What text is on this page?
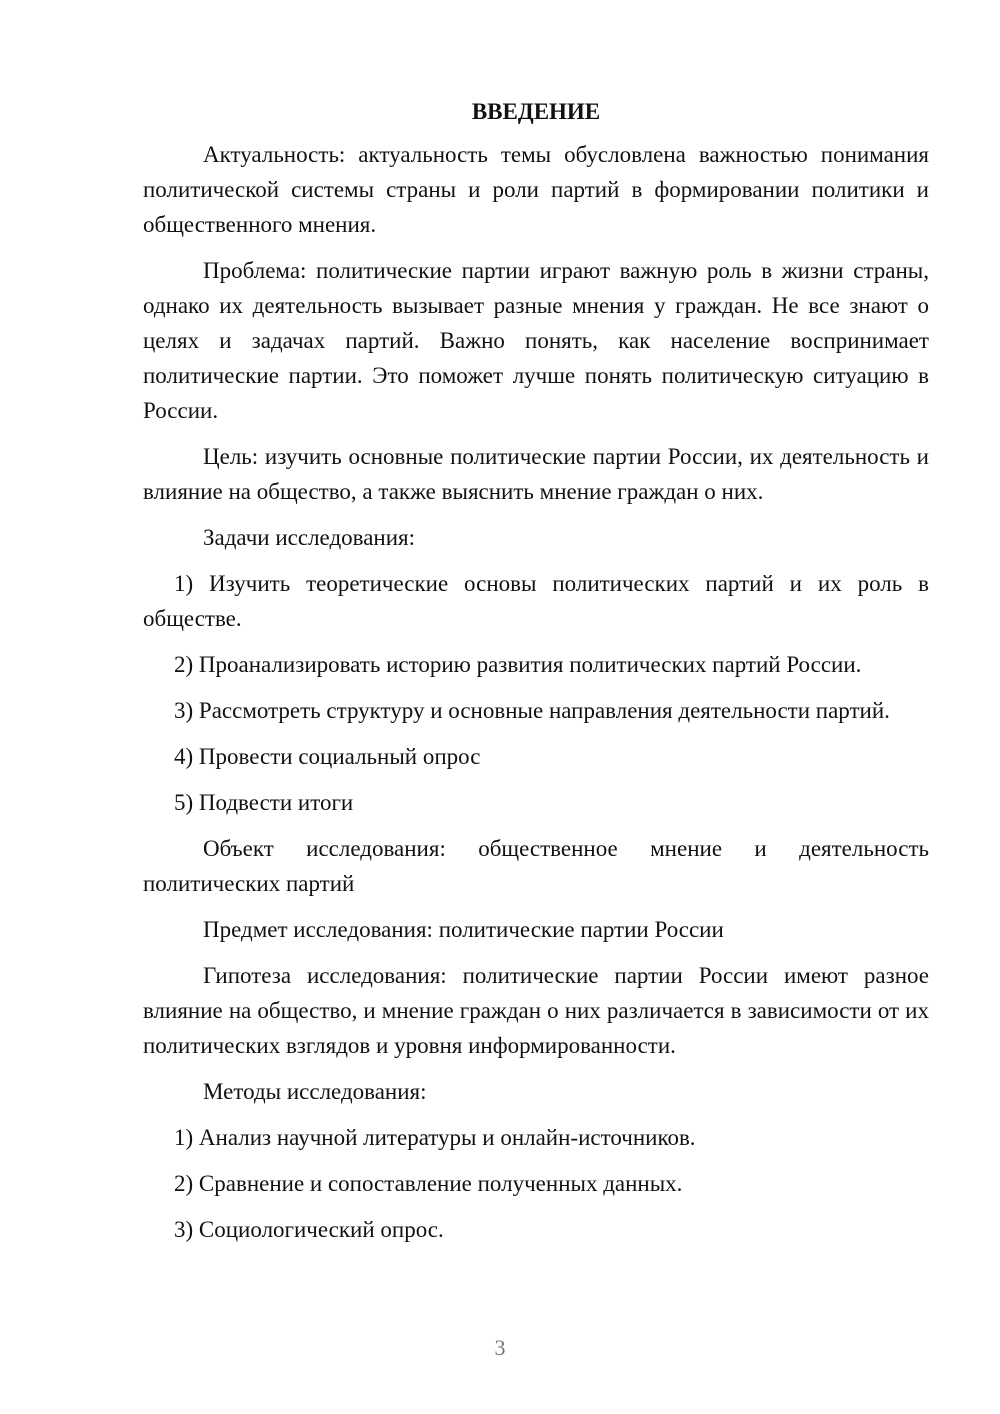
ВВЕДЕНИЕ

Актуальность: актуальность темы обусловлена важностью понимания политической системы страны и роли партий в формировании политики и общественного мнения.

Проблема: политические партии играют важную роль в жизни страны, однако их деятельность вызывает разные мнения у граждан. Не все знают о целях и задачах партий. Важно понять, как население воспринимает политические партии. Это поможет лучше понять политическую ситуацию в России.

Цель: изучить основные политические партии России, их деятельность и влияние на общество, а также выяснить мнение граждан о них.

Задачи исследования:

1) Изучить теоретические основы политических партий и их роль в обществе.

2) Проанализировать историю развития политических партий России.

3) Рассмотреть структуру и основные направления деятельности партий.

4) Провести социальный опрос

5) Подвести итоги

Объект исследования: общественное мнение и деятельность политических партий

Предмет исследования: политические партии России

Гипотеза исследования: политические партии России имеют разное влияние на общество, и мнение граждан о них различается в зависимости от их политических взглядов и уровня информированности.

Методы исследования:

1) Анализ научной литературы и онлайн-источников.

2) Сравнение и сопоставление полученных данных.

3) Социологический опрос.

3
